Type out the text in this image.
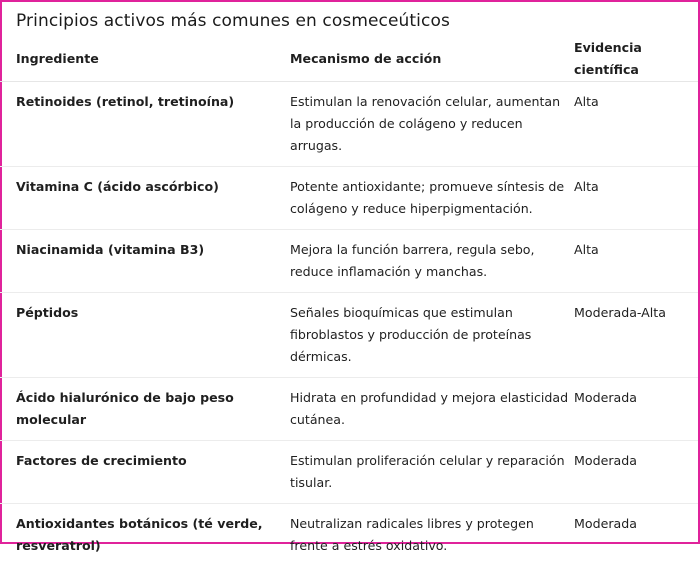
Principios activos más comunes en cosmeceúticos
Ingrediente	Mecanismo de acción	Evidencia científica
Retinoides (retinol, tretinoína)	Estimulan la renovación celular, aumentan la producción de colágeno y reducen arrugas.	Alta
Vitamina C (ácido ascórbico)	Potente antioxidante; promueve síntesis de colágeno y reduce hiperpigmentación.	Alta
Niacinamida (vitamina B3)	Mejora la función barrera, regula sebo, reduce inflamación y manchas.	Alta
Péptidos	Señales bioquímicas que estimulan fibroblastos y producción de proteínas dérmicas.	Moderada-Alta
Ácido hialurónico de bajo peso molecular	Hidrata en profundidad y mejora elasticidad cutánea.	Moderada
Factores de crecimiento	Estimulan proliferación celular y reparación tisular.	Moderada
Antioxidantes botánicos (té verde, resveratrol)	Neutralizan radicales libres y protegen frente a estrés oxidativo.	Moderada
